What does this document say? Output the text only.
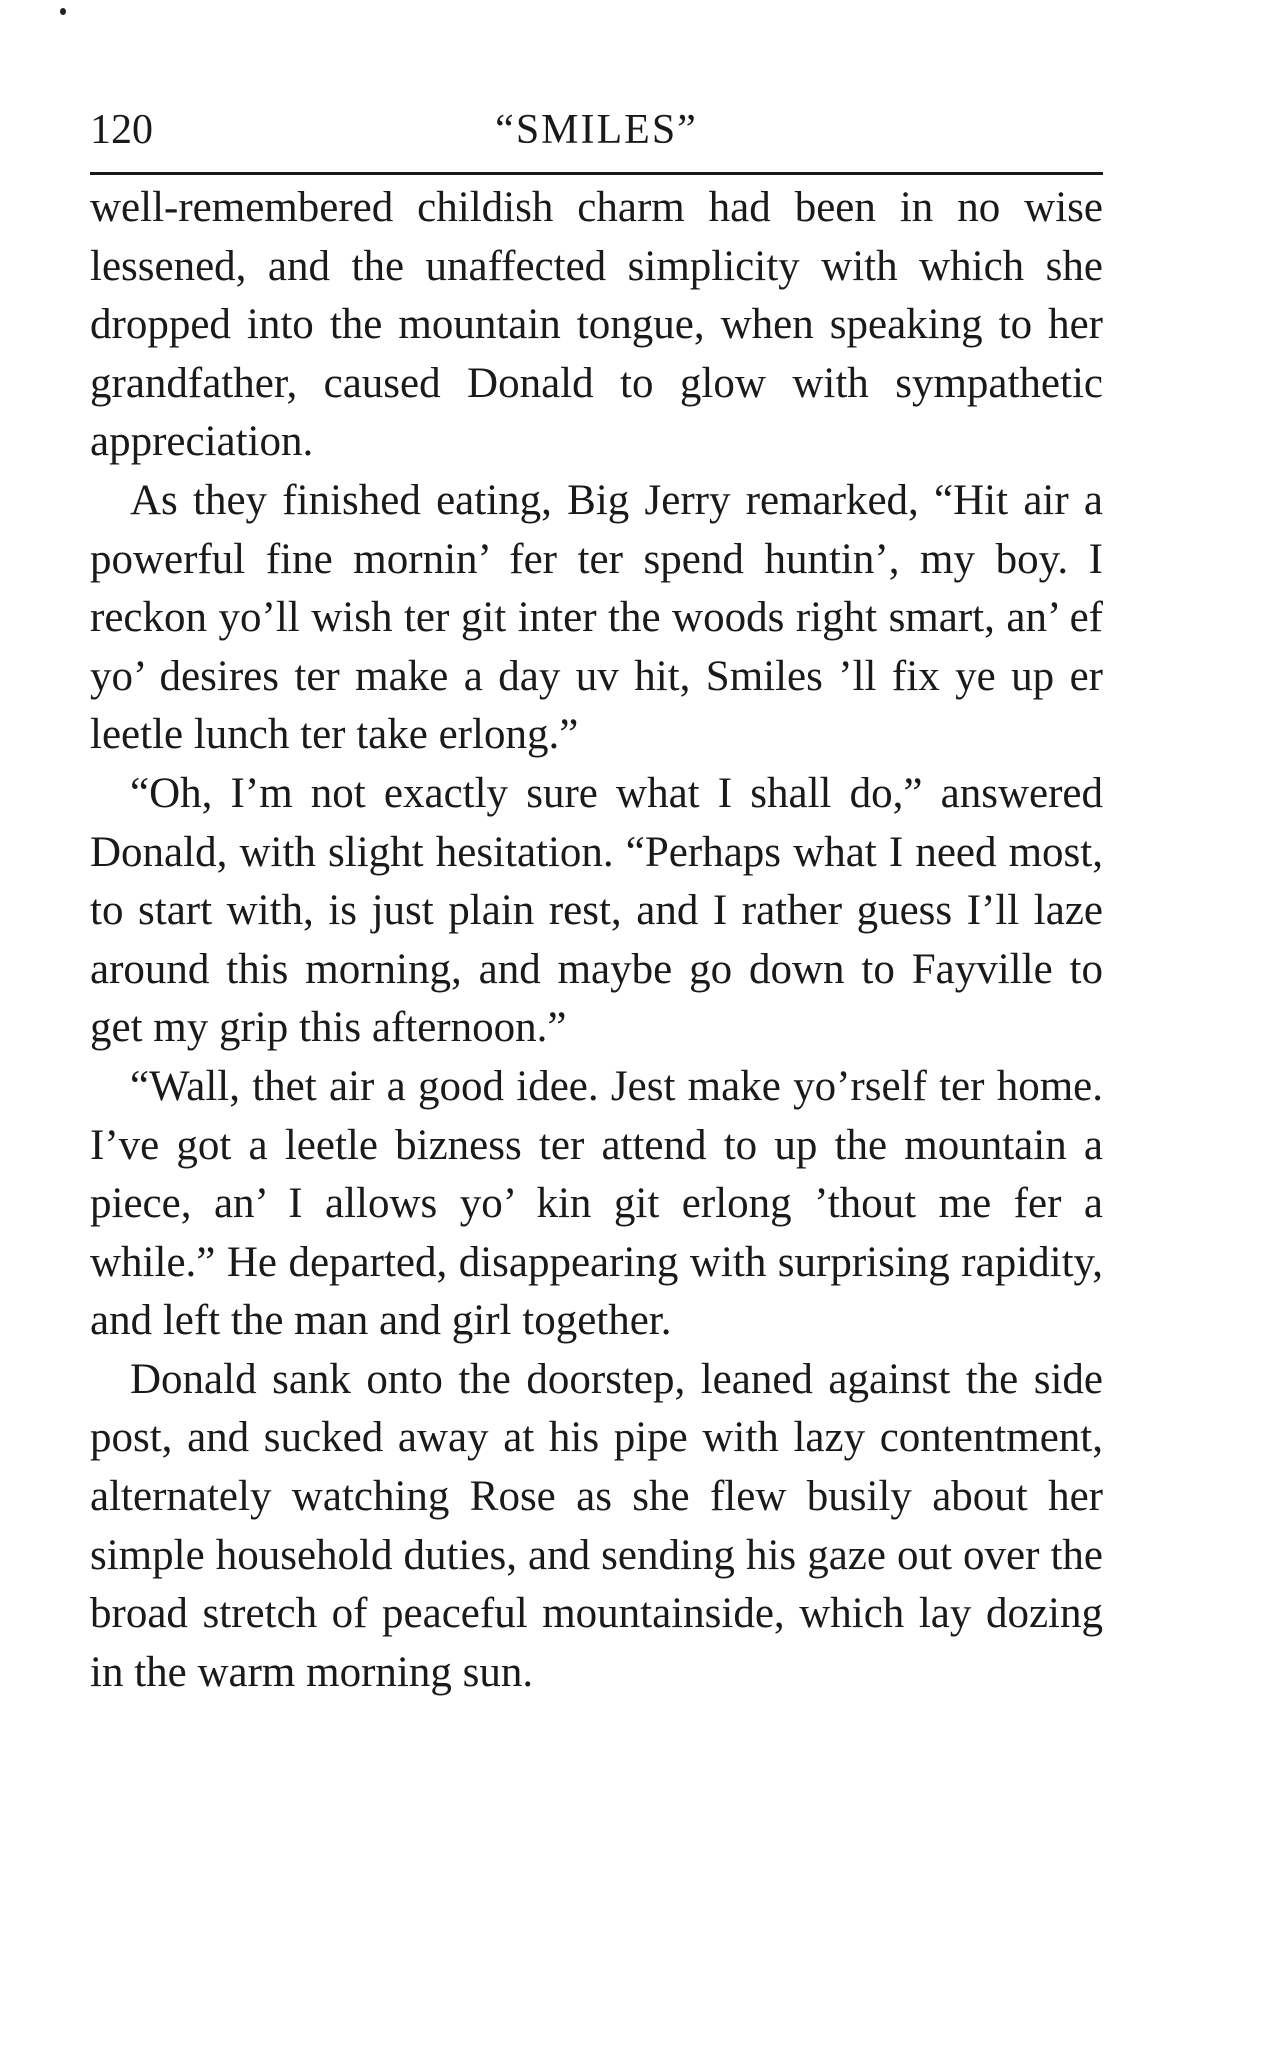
120	“SMILES”

well-remembered childish charm had been in no wise lessened, and the unaffected simplicity with which she dropped into the mountain tongue, when speaking to her grandfather, caused Donald to glow with sympathetic appreciation.

As they finished eating, Big Jerry remarked, “Hit air a powerful fine mornin’ fer ter spend huntin’, my boy. I reckon yo’ll wish ter git inter the woods right smart, an’ ef yo’ desires ter make a day uv hit, Smiles ’ll fix ye up er leetle lunch ter take erlong.”

“Oh, I’m not exactly sure what I shall do,” answered Donald, with slight hesitation. “Perhaps what I need most, to start with, is just plain rest, and I rather guess I’ll laze around this morning, and maybe go down to Fayville to get my grip this afternoon.”

“Wall, thet air a good idee. Jest make yo’rself ter home. I’ve got a leetle bizness ter attend to up the mountain a piece, an’ I allows yo’ kin git erlong ’thout me fer a while.” He departed, disappearing with surprising rapidity, and left the man and girl together.

Donald sank onto the doorstep, leaned against the side post, and sucked away at his pipe with lazy contentment, alternately watching Rose as she flew busily about her simple household duties, and sending his gaze out over the broad stretch of peaceful mountainside, which lay dozing in the warm morning sun.
